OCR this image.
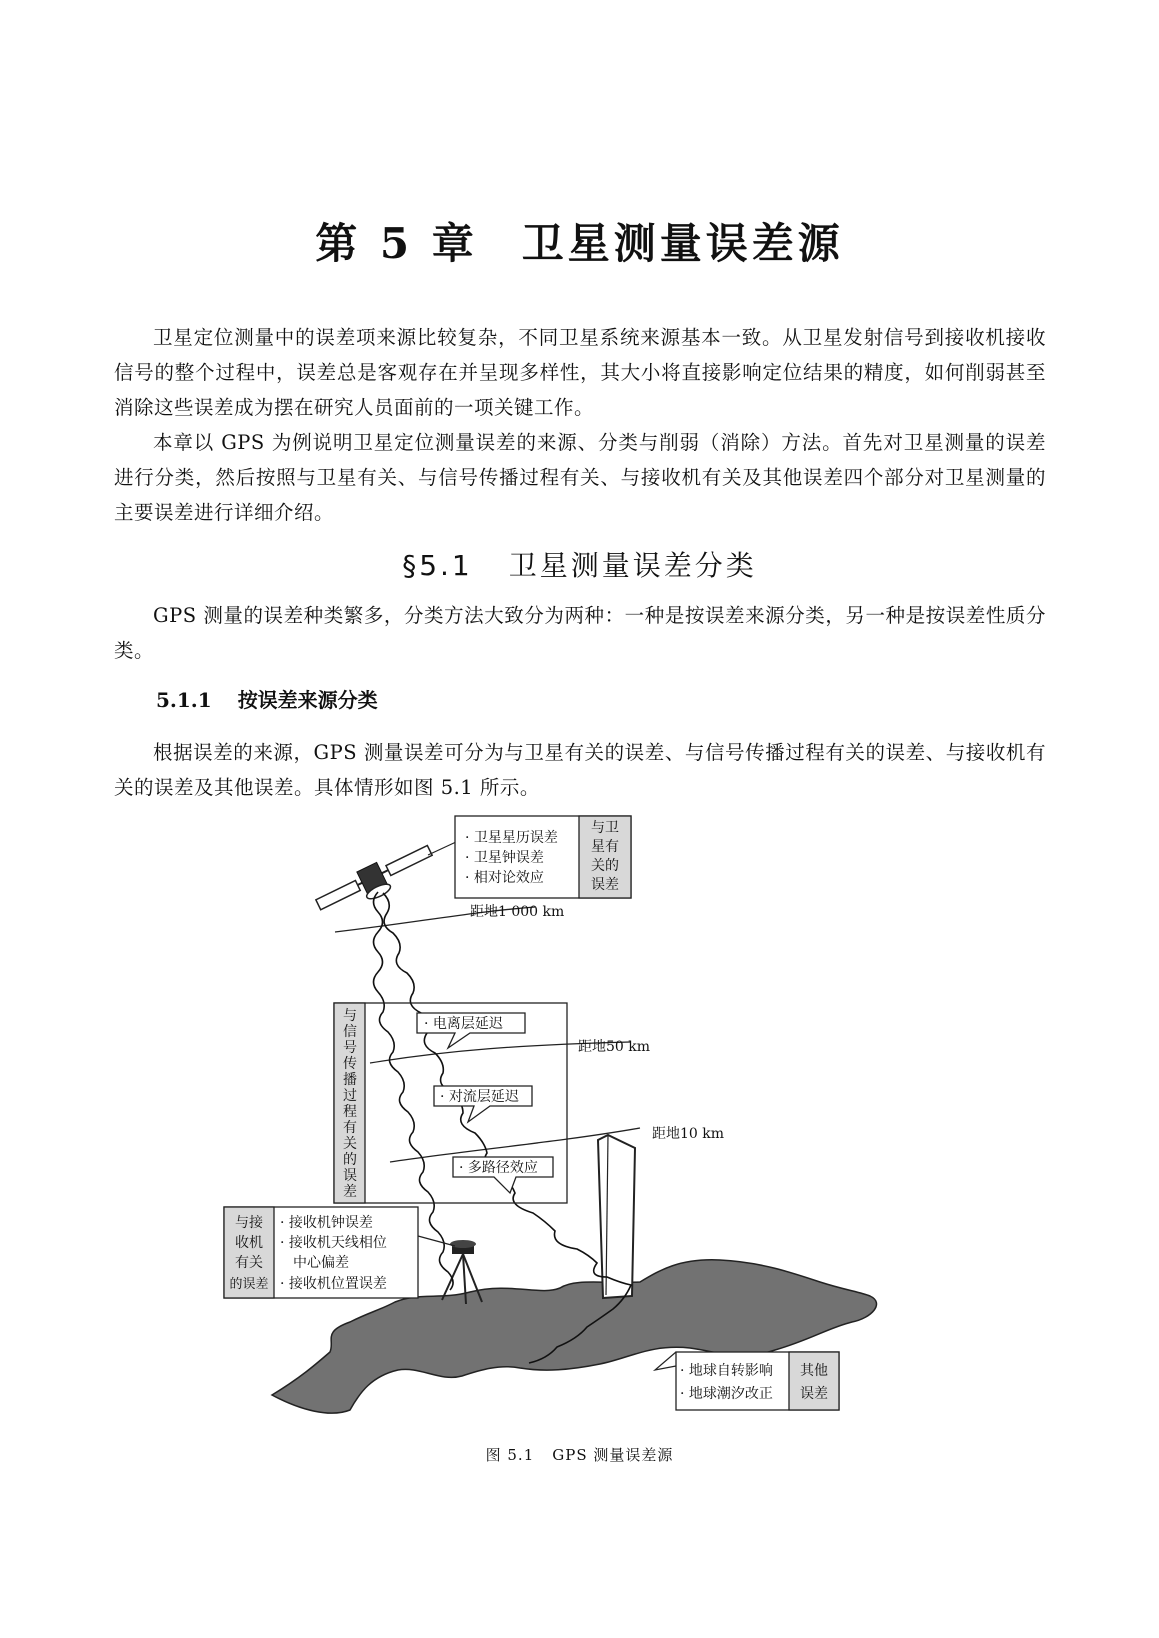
第 5 章 卫星测量误差源

卫星定位测量中的误差项来源比较复杂，不同卫星系统来源基本一致。从卫星发射信号到接收机接收信号的整个过程中，误差总是客观存在并呈现多样性，其大小将直接影响定位结果的精度，如何削弱甚至消除这些误差成为摆在研究人员面前的一项关键工作。

本章以 GPS 为例说明卫星定位测量误差的来源、分类与削弱（消除）方法。首先对卫星测量的误差进行分类，然后按照与卫星有关、与信号传播过程有关、与接收机有关及其他误差四个部分对卫星测量的主要误差进行详细介绍。

§5.1 卫星测量误差分类

GPS 测量的误差种类繁多，分类方法大致分为两种：一种是按误差来源分类，另一种是按误差性质分类。

5.1.1 按误差来源分类

根据误差的来源，GPS 测量误差可分为与卫星有关的误差、与信号传播过程有关的误差、与接收机有关的误差及其他误差。具体情形如图 5.1 所示。

· 卫星星历误差
· 卫星钟误差
· 相对论效应
与卫
星有
关的
误差
距地1 000 km
距地50 km
距地10 km
与
信
号
传
播
过
程
有
关
的
误
差
· 电离层延迟
· 对流层延迟
· 多路径效应
与接
收机
有关
的误差
· 接收机钟误差
· 接收机天线相位
中心偏差
· 接收机位置误差
· 地球自转影响
· 地球潮汐改正
其他
误差
图 5.1 GPS 测量误差源
